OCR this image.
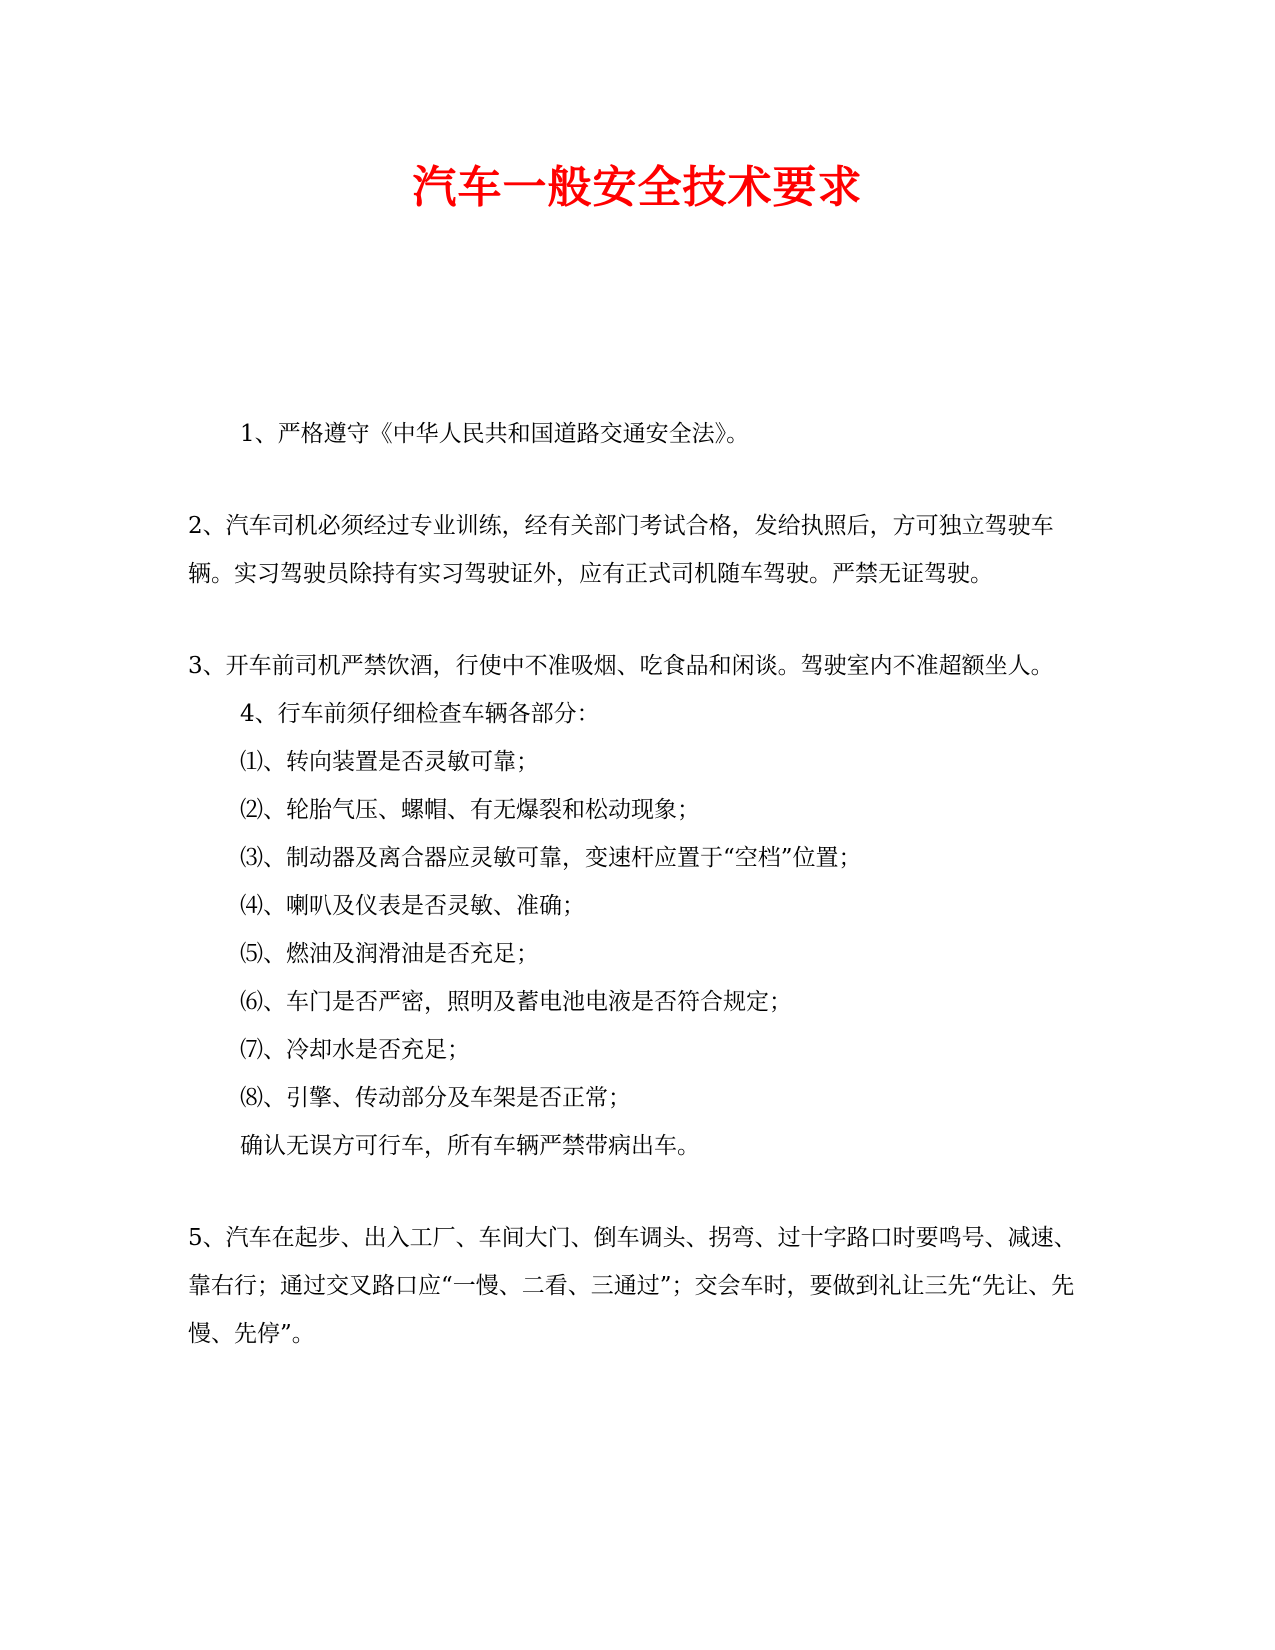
汽车一般安全技术要求

1、严格遵守《中华人民共和国道路交通安全法》。

2、汽车司机必须经过专业训练，经有关部门考试合格，发给执照后，方可独立驾驶车辆。实习驾驶员除持有实习驾驶证外，应有正式司机随车驾驶。严禁无证驾驶。

3、开车前司机严禁饮酒，行使中不准吸烟、吃食品和闲谈。驾驶室内不准超额坐人。

4、行车前须仔细检查车辆各部分：

⑴、转向装置是否灵敏可靠；

⑵、轮胎气压、螺帽、有无爆裂和松动现象；

⑶、制动器及离合器应灵敏可靠，变速杆应置于“空档”位置；

⑷、喇叭及仪表是否灵敏、准确；

⑸、燃油及润滑油是否充足；

⑹、车门是否严密，照明及蓄电池电液是否符合规定；

⑺、冷却水是否充足；

⑻、引擎、传动部分及车架是否正常；

确认无误方可行车，所有车辆严禁带病出车。

5、汽车在起步、出入工厂、车间大门、倒车调头、拐弯、过十字路口时要鸣号、减速、靠右行；通过交叉路口应“一慢、二看、三通过”；交会车时，要做到礼让三先“先让、先慢、先停”。
